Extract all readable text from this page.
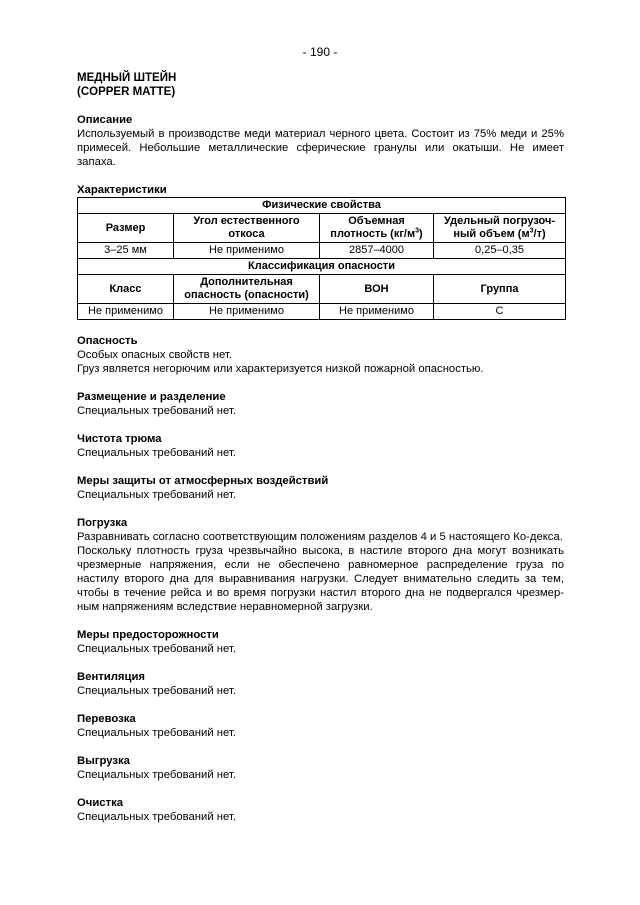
- 190 -
МЕДНЫЙ ШТЕЙН
(COPPER MATTE)
Описание

Используемый в производстве меди материал черного цвета. Состоит из 75% меди и 25% примесей. Небольшие металлические сферические гранулы или окатыши. Не имеет запаха.

Характеристики
Физические свойства			
Размер	Угол естественного откоса	Объемная плотность $(кг/м^3)$	Удельный погрузоч-ный объем $(м^3/т)$
3–25 мм	Не применимо	2857–4000	0,25–0,35
Классификация опасности			
Класс	Дополнительная опасность (опасности)	ВОН	Группа
Не применимо	Не применимо	Не применимо	С
Опасность

Особых опасных свойств нет.

Груз является негорючим или характеризуется низкой пожарной опасностью.

Размещение и разделение

Специальных требований нет.

Чистота трюма

Специальных требований нет.

Меры защиты от атмосферных воздействий

Специальных требований нет.

Погрузка

Разравнивать согласно соответствующим положениям разделов 4 и 5 настоящего Ко-декса.

Поскольку плотность груза чрезвычайно высока, в настиле второго дна могут возникать чрезмерные напряжения, если не обеспечено равномерное распределение груза по настилу второго дна для выравнивания нагрузки. Следует внимательно следить за тем, чтобы в течение рейса и во время погрузки настил второго дна не подвергался чрезмер-ным напряжениям вследствие неравномерной загрузки.

Меры предосторожности

Специальных требований нет.

Вентиляция

Специальных требований нет.

Перевозка

Специальных требований нет.

Выгрузка

Специальных требований нет.

Очистка

Специальных требований нет.
